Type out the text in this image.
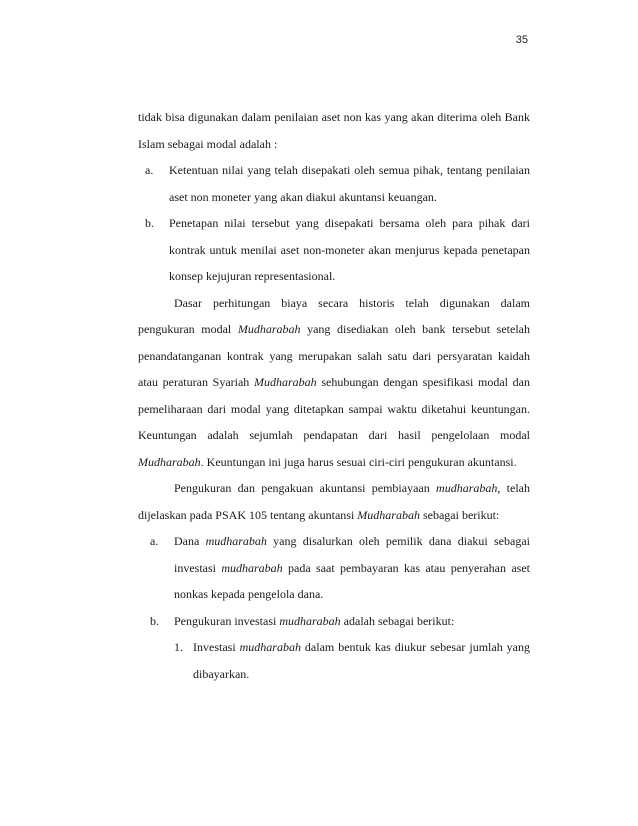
35

tidak bisa digunakan dalam penilaian aset non kas yang akan diterima oleh Bank Islam sebagai modal adalah :

a.	Ketentuan nilai yang telah disepakati oleh semua pihak, tentang penilaian aset non moneter yang akan diakui akuntansi keuangan.
b.	Penetapan nilai tersebut yang disepakati bersama oleh para pihak dari kontrak untuk menilai aset non-moneter akan menjurus kepada penetapan konsep kejujuran representasional.

Dasar perhitungan biaya secara historis telah digunakan dalam pengukuran modal Mudharabah yang disediakan oleh bank tersebut setelah penandatanganan kontrak yang merupakan salah satu dari persyaratan kaidah atau peraturan Syariah Mudharabah sehubungan dengan spesifikasi modal dan pemeliharaan dari modal yang ditetapkan sampai waktu diketahui keuntungan. Keuntungan adalah sejumlah pendapatan dari hasil pengelolaan modal Mudharabah. Keuntungan ini juga harus sesuai ciri-ciri pengukuran akuntansi.

Pengukuran dan pengakuan akuntansi pembiayaan mudharabah, telah dijelaskan pada PSAK 105 tentang akuntansi Mudharabah sebagai berikut:

a.	Dana mudharabah yang disalurkan oleh pemilik dana diakui sebagai investasi mudharabah pada saat pembayaran kas atau penyerahan aset nonkas kepada pengelola dana.
b.	Pengukuran investasi mudharabah adalah sebagai berikut:
1. Investasi mudharabah dalam bentuk kas diukur sebesar jumlah yang dibayarkan.
